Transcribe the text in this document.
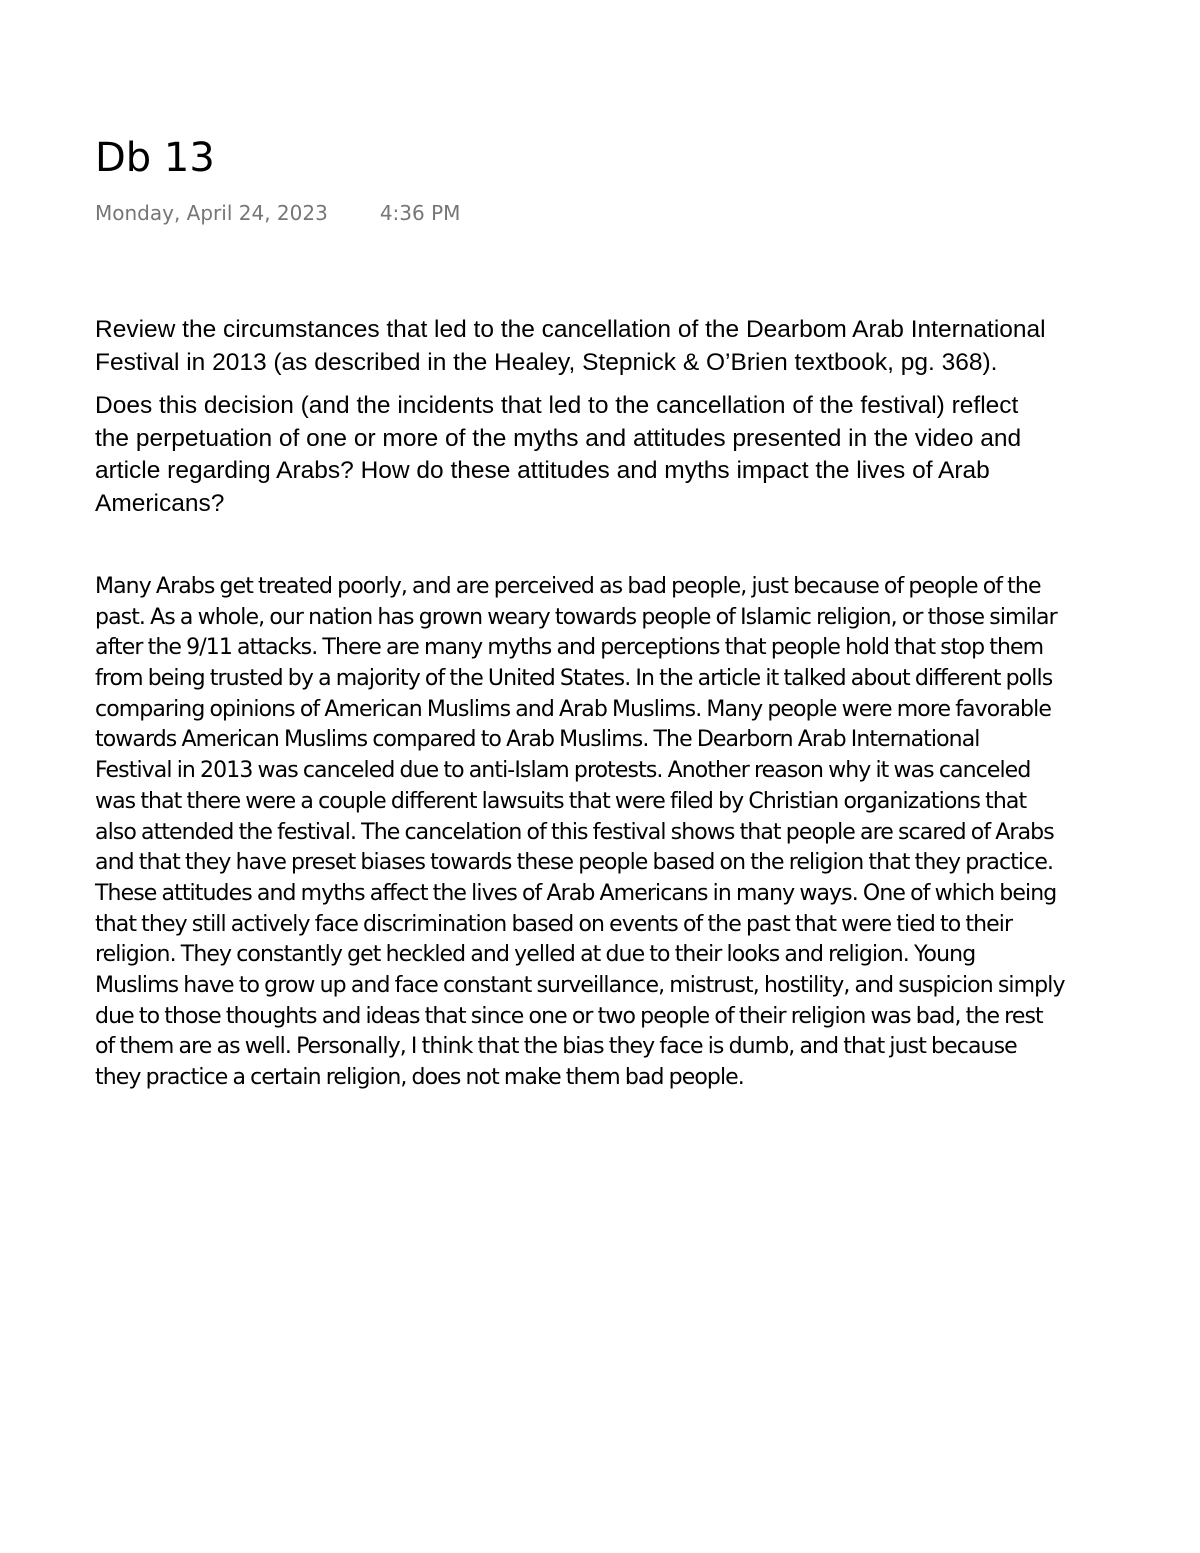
Db 13
Monday, April 24, 2023	4:36 PM
Review the circumstances that led to the cancellation of the Dearbom Arab International
Festival in 2013 (as described in the Healey, Stepnick & O’Brien textbook, pg. 368).
Does this decision (and the incidents that led to the cancellation of the festival) reflect
the perpetuation of one or more of the myths and attitudes presented in the video and
article regarding Arabs? How do these attitudes and myths impact the lives of Arab
Americans?
Many Arabs get treated poorly, and are perceived as bad people, just because of people of the
past. As a whole, our nation has grown weary towards people of Islamic religion, or those similar
after the 9/11 attacks. There are many myths and perceptions that people hold that stop them
from being trusted by a majority of the United States. In the article it talked about different polls
comparing opinions of American Muslims and Arab Muslims. Many people were more favorable
towards American Muslims compared to Arab Muslims. The Dearborn Arab International
Festival in 2013 was canceled due to anti-Islam protests. Another reason why it was canceled
was that there were a couple different lawsuits that were filed by Christian organizations that
also attended the festival. The cancelation of this festival shows that people are scared of Arabs
and that they have preset biases towards these people based on the religion that they practice.
These attitudes and myths affect the lives of Arab Americans in many ways. One of which being
that they still actively face discrimination based on events of the past that were tied to their
religion. They constantly get heckled and yelled at due to their looks and religion. Young
Muslims have to grow up and face constant surveillance, mistrust, hostility, and suspicion simply
due to those thoughts and ideas that since one or two people of their religion was bad, the rest
of them are as well. Personally, I think that the bias they face is dumb, and that just because
they practice a certain religion, does not make them bad people.
